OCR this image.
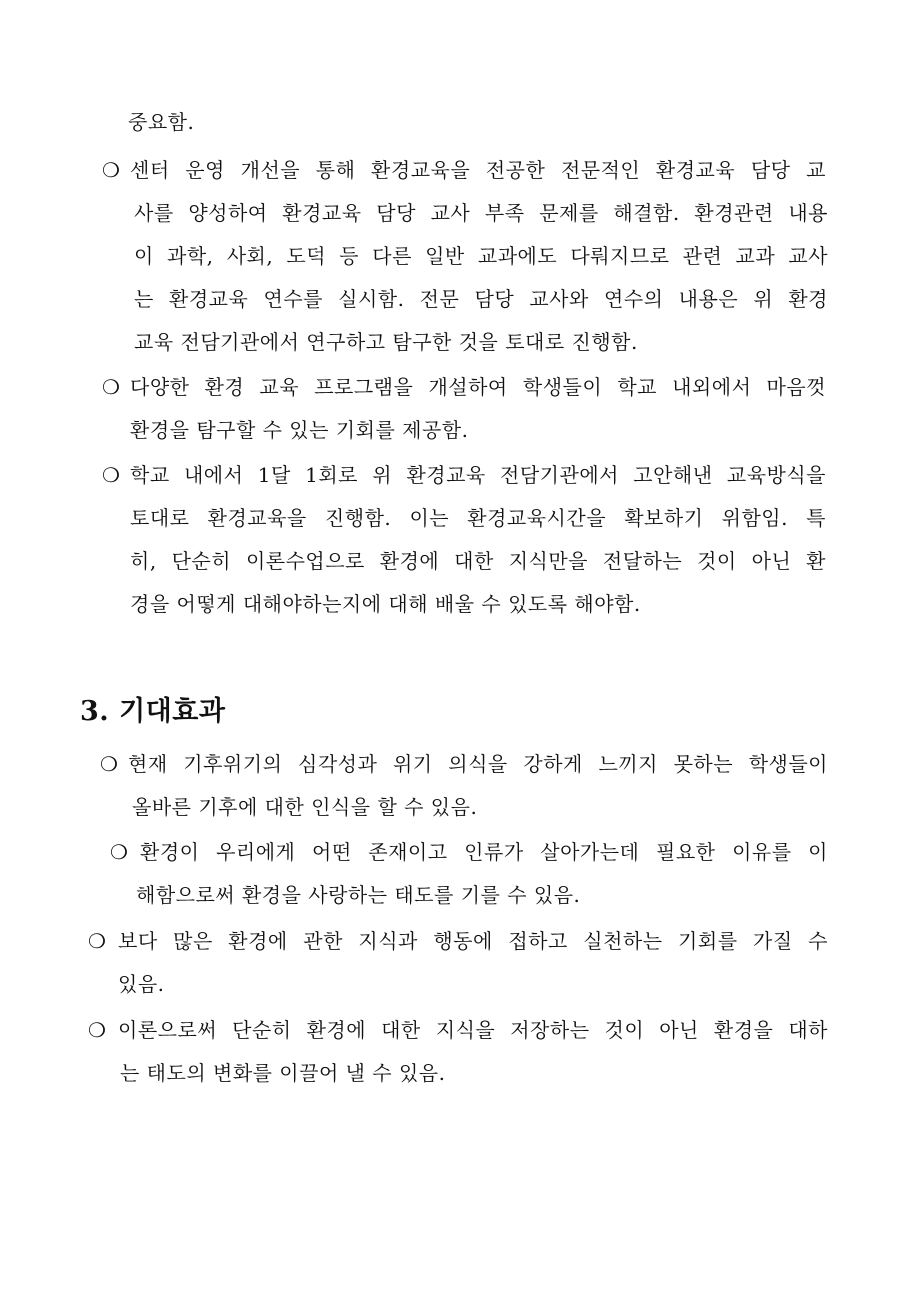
중요함.

❍ 센터 운영 개선을 통해 환경교육을 전공한 전문적인 환경교육 담당 교

사를 양성하여 환경교육 담당 교사 부족 문제를 해결함. 환경관련 내용

이 과학, 사회, 도덕 등 다른 일반 교과에도 다뤄지므로 관련 교과 교사

는 환경교육 연수를 실시함. 전문 담당 교사와 연수의 내용은 위 환경

교육 전담기관에서 연구하고 탐구한 것을 토대로 진행함.

❍ 다양한 환경 교육 프로그램을 개설하여 학생들이 학교 내외에서 마음껏

환경을 탐구할 수 있는 기회를 제공함.

❍ 학교 내에서 1달 1회로 위 환경교육 전담기관에서 고안해낸 교육방식을

토대로 환경교육을 진행함. 이는 환경교육시간을 확보하기 위함임. 특

히, 단순히 이론수업으로 환경에 대한 지식만을 전달하는 것이 아닌 환

경을 어떻게 대해야하는지에 대해 배울 수 있도록 해야함.

3. 기대효과
❍ 현재 기후위기의 심각성과 위기 의식을 강하게 느끼지 못하는 학생들이

올바른 기후에 대한 인식을 할 수 있음.

❍ 환경이 우리에게 어떤 존재이고 인류가 살아가는데 필요한 이유를 이

해함으로써 환경을 사랑하는 태도를 기를 수 있음.

❍ 보다 많은 환경에 관한 지식과 행동에 접하고 실천하는 기회를 가질 수

있음.

❍ 이론으로써 단순히 환경에 대한 지식을 저장하는 것이 아닌 환경을 대하

는 태도의 변화를 이끌어 낼 수 있음.
